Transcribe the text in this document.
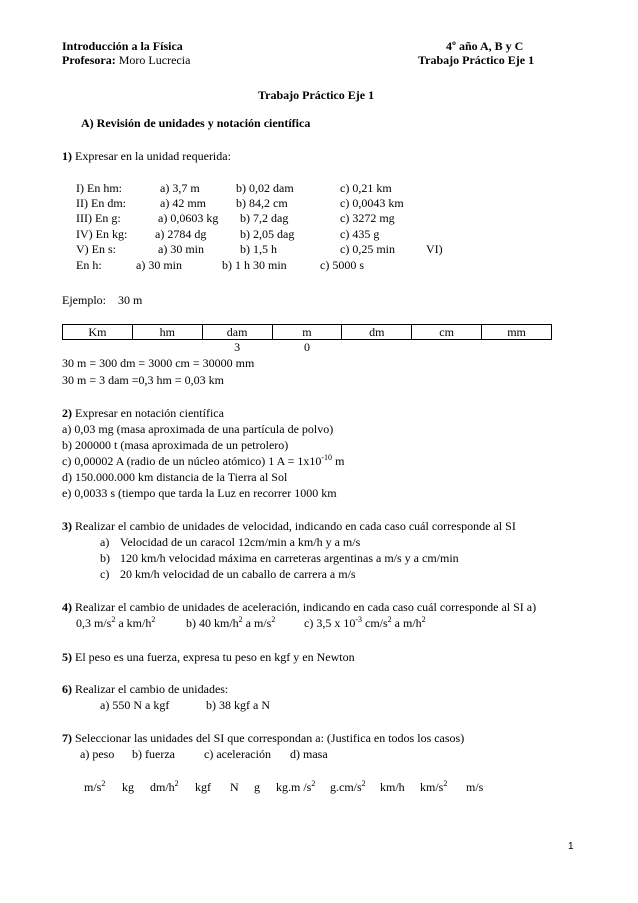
Introducción a la Física	4º año A, B y C
Profesora: Moro Lucrecia	Trabajo Práctico Eje 1
Trabajo Práctico Eje 1
A) Revisión de unidades y notación científica
1) Expresar en la unidad requerida:
I) En hm:	a) 3,7 m	b) 0,02 dam	c) 0,21 km
II) En dm:	a) 42 mm	b) 84,2 cm	c) 0,0043 km
III) En g:	a) 0,0603 kg b) 7,2 dag	c) 3272 mg
IV) En kg: a) 2784 dg	b) 2,05 dag	c) 435 g
V) En s:	a) 30 min	b) 1,5 h	c) 0,25 min	VI)
En h:	a) 30 min	b) 1 h 30 min	c) 5000 s
Ejemplo: 30 m
Km	hm	dam	m	dm	cm	mm
		3	0			
30 m = 300 dm = 3000 cm = 30000 mm
30 m = 3 dam =0,3 hm = 0,03 km
2) Expresar en notación científica
a) 0,03 mg (masa aproximada de una partícula de polvo)
b) 200000 t (masa aproximada de un petrolero)
c) 0,00002 A (radio de un núcleo atómico) 1 $A = 1x10^{-10}$ m
d) 150.000.000 km distancia de la Tierra al Sol
e) 0,0033 s (tiempo que tarda la Luz en recorrer 1000 km
3) Realizar el cambio de unidades de velocidad, indicando en cada caso cuál corresponde al SI
a) Velocidad de un caracol 12cm/min a km/h y a m/s
b) 120 km/h velocidad máxima en carreteras argentinas a m/s y a cm/min
c) 20 km/h velocidad de un caballo de carrera a m/s
4) Realizar el cambio de unidades de aceleración, indicando en cada caso cuál corresponde al SI a)
0,3 $m/s^2$ a $km/h^2$	b) 40 $km/h^2$ a $m/s^2$ c) 3,5 x $10^{-3}$ $cm/s^2$ a $m/h^2$
5) El peso es una fuerza, expresa tu peso en kgf y en Newton
6) Realizar el cambio de unidades:
a) 550 N a kgf	b) 38 kgf a N
7) Seleccionar las unidades del SI que correspondan a: (Justifica en todos los casos)
a) peso b) fuerza c) aceleración d) masa
$m/s^2$ kg $dm/h^2$ kgf N g kg.m $/s^2$ $g.cm/s^2$ km/h $km/s^2$ m/s
1
